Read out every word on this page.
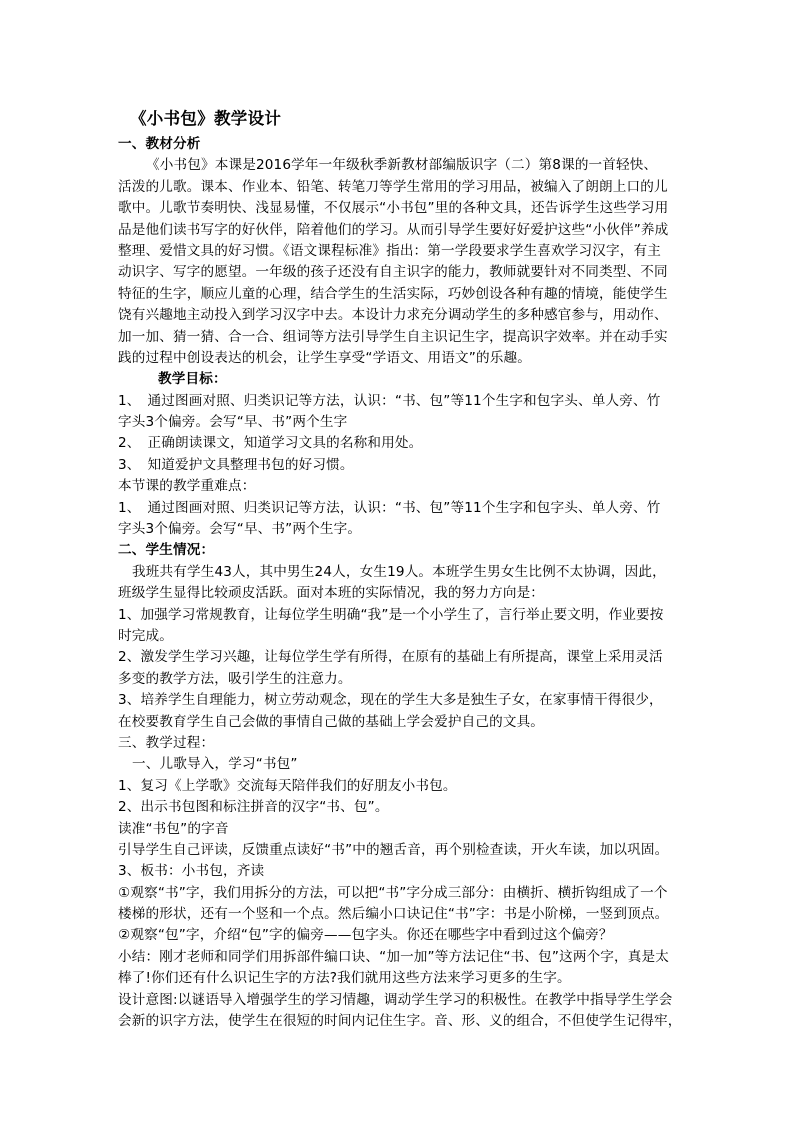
《小书包》教学设计
一、教材分析
《小书包》本课是2016学年一年级秋季新教材部编版识字（二）第8课的一首轻快、
活泼的儿歌。课本、作业本、铅笔、转笔刀等学生常用的学习用品，被编入了朗朗上口的儿
歌中。儿歌节奏明快、浅显易懂，不仅展示“小书包”里的各种文具，还告诉学生这些学习用
品是他们读书写字的好伙伴，陪着他们的学习。从而引导学生要好好爱护这些“小伙伴”养成
整理、爱惜文具的好习惯。《语文课程标准》指出：第一学段要求学生喜欢学习汉字，有主
动识字、写字的愿望。一年级的孩子还没有自主识字的能力，教师就要针对不同类型、不同
特征的生字，顺应儿童的心理，结合学生的生活实际，巧妙创设各种有趣的情境，能使学生
饶有兴趣地主动投入到学习汉字中去。本设计力求充分调动学生的多种感官参与，用动作、
加一加、猜一猜、合一合、组词等方法引导学生自主识记生字，提高识字效率。并在动手实
践的过程中创设表达的机会，让学生享受“学语文、用语文”的乐趣。
教学目标：
1、　通过图画对照、归类识记等方法，认识：“书、包”等11个生字和包字头、单人旁、竹
字头3个偏旁。会写“早、书”两个生字
2、　正确朗读课文，知道学习文具的名称和用处。
3、　知道爱护文具整理书包的好习惯。
本节课的教学重难点：
1、　通过图画对照、归类识记等方法，认识：“书、包”等11个生字和包字头、单人旁、竹
字头3个偏旁。会写“早、书”两个生字。
二、学生情况：
我班共有学生43人，其中男生24人，女生19人。本班学生男女生比例不太协调，因此，
班级学生显得比较顽皮活跃。面对本班的实际情况，我的努力方向是：
1、加强学习常规教育，让每位学生明确“我”是一个小学生了，言行举止要文明，作业要按
时完成。
2、激发学生学习兴趣，让每位学生学有所得，在原有的基础上有所提高，课堂上采用灵活
多变的教学方法，吸引学生的注意力。
3、培养学生自理能力，树立劳动观念，现在的学生大多是独生子女，在家事情干得很少，
在校要教育学生自己会做的事情自己做的基础上学会爱护自己的文具。
三、教学过程：
一、儿歌导入，学习“书包”
1、复习《上学歌》交流每天陪伴我们的好朋友小书包。
2、出示书包图和标注拼音的汉字“书、包”。
读准“书包”的字音
引导学生自己评读，反馈重点读好“书”中的翘舌音，再个别检查读，开火车读，加以巩固。
3、板书：小书包，齐读
①观察“书”字，我们用拆分的方法，可以把“书”字分成三部分：由横折、横折钩组成了一个
楼梯的形状，还有一个竖和一个点。然后编小口诀记住“书”字：书是小阶梯，一竖到顶点。
②观察“包”字，介绍“包”字的偏旁——包字头。你还在哪些字中看到过这个偏旁？
小结：刚才老师和同学们用拆部件编口诀、“加一加”等方法记住“书、包”这两个字，真是太
棒了!你们还有什么识记生字的方法?我们就用这些方法来学习更多的生字。
设计意图:以谜语导入增强学生的学习情趣，调动学生学习的积极性。在教学中指导学生学会
会新的识字方法，使学生在很短的时间内记住生字。音、形、义的组合，不但使学生记得牢，
